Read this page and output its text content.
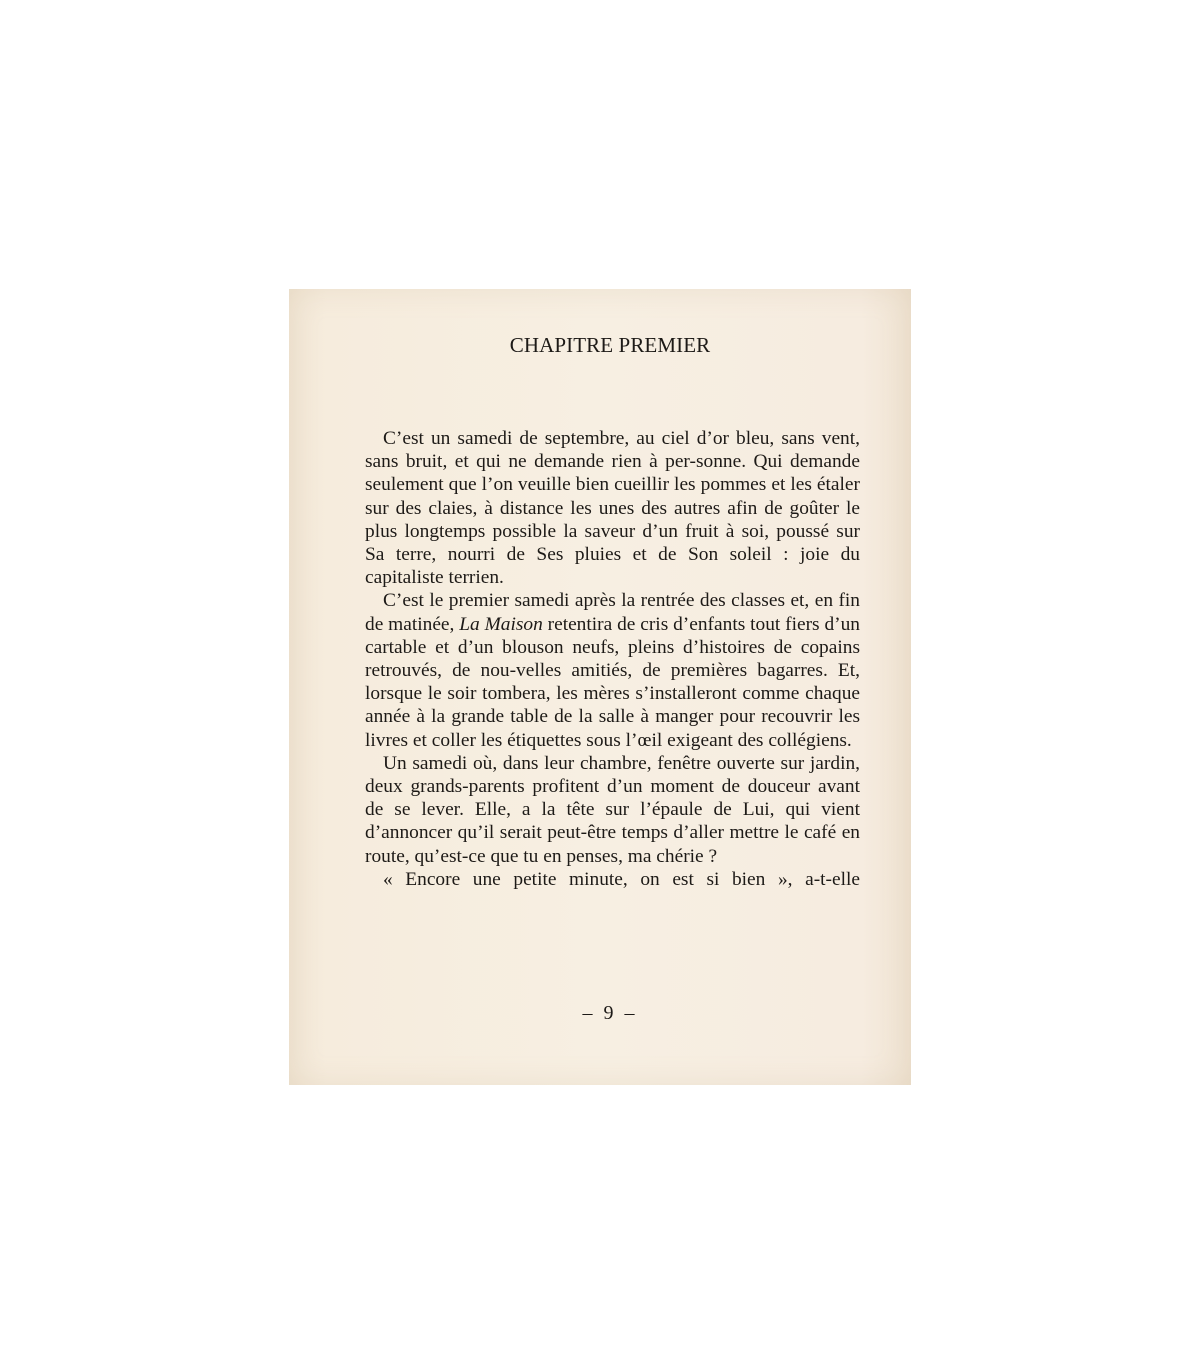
CHAPITRE PREMIER

C’est un samedi de septembre, au ciel d’or bleu, sans vent, sans bruit, et qui ne demande rien à per-sonne. Qui demande seulement que l’on veuille bien cueillir les pommes et les étaler sur des claies, à distance les unes des autres afin de goûter le plus longtemps possible la saveur d’un fruit à soi, poussé sur Sa terre, nourri de Ses pluies et de Son soleil : joie du capitaliste terrien.

C’est le premier samedi après la rentrée des classes et, en fin de matinée, La Maison retentira de cris d’enfants tout fiers d’un cartable et d’un blouson neufs, pleins d’histoires de copains retrouvés, de nou-velles amitiés, de premières bagarres. Et, lorsque le soir tombera, les mères s’installeront comme chaque année à la grande table de la salle à manger pour recouvrir les livres et coller les étiquettes sous l’œil exigeant des collégiens.

Un samedi où, dans leur chambre, fenêtre ouverte sur jardin, deux grands-parents profitent d’un moment de douceur avant de se lever. Elle, a la tête sur l’épaule de Lui, qui vient d’annoncer qu’il serait peut-être temps d’aller mettre le café en route, qu’est-ce que tu en penses, ma chérie ?

« Encore une petite minute, on est si bien », a-t-elle

– 9 –
